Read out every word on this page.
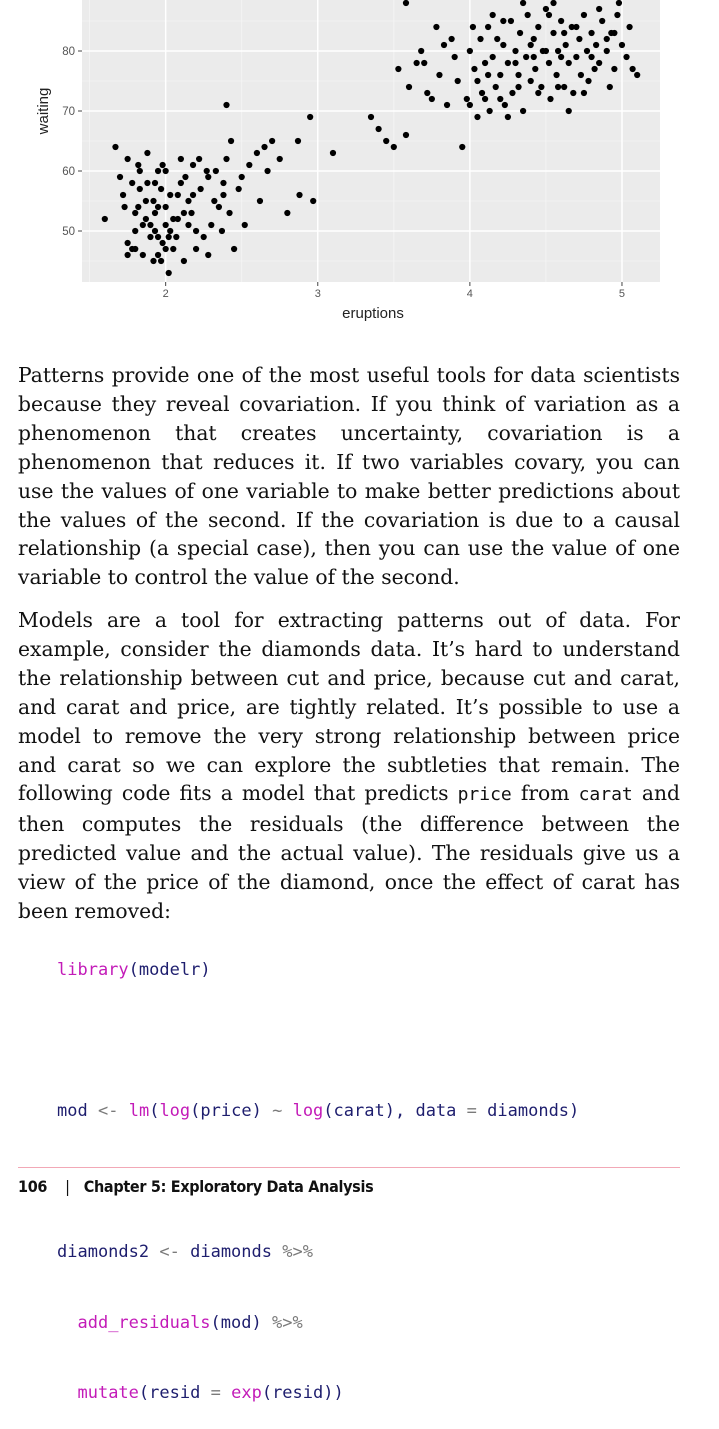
2	3	4	5
50
60
70
80
eruptions
waiting

Patterns provide one of the most useful tools for data scientists because they reveal covariation. If you think of variation as a phenomenon that creates uncertainty, covariation is a phenomenon that reduces it. If two variables covary, you can use the values of one variable to make better predictions about the values of the second. If the covariation is due to a causal relationship (a special case), then you can use the value of one variable to control the value of the second.

Models are a tool for extracting patterns out of data. For example, consider the diamonds data. It’s hard to understand the relationship between cut and price, because cut and carat, and carat and price, are tightly related. It’s possible to use a model to remove the very strong relationship between price and carat so we can explore the subtleties that remain. The following code fits a model that predicts price from carat and then computes the residuals (the difference between the predicted value and the actual value). The residuals give us a view of the price of the diamond, once the effect of carat has been removed:

library(modelr)

mod <- lm(log(price) ~ log(carat), data = diamonds)

diamonds2 <- diamonds %>%

add_residuals(mod) %>%

mutate(resid = exp(resid))

106 | Chapter 5: Exploratory Data Analysis
